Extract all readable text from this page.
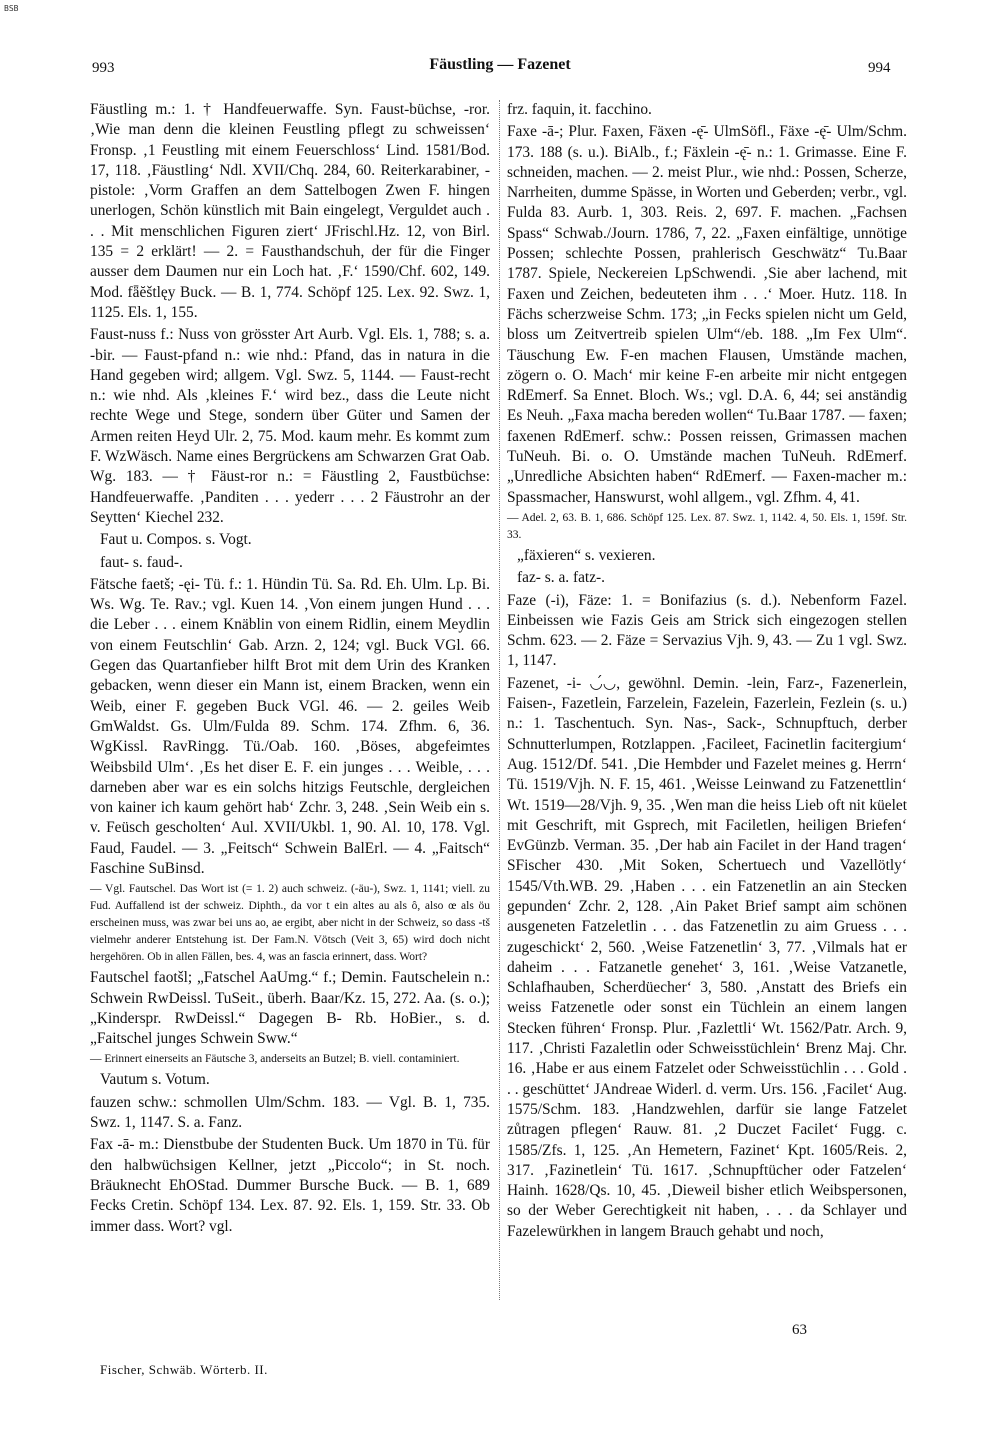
BSB
993	Fäustling — Fazenet	994

Fäustling m.: 1. † Handfeuerwaffe. Syn. Faust-büchse, -ror. ‚Wie man denn die kleinen Feustling pflegt zu schweissen‘ Fronsp. ‚1 Feustling mit einem Feuerschloss‘ Lind. 1581/Bod. 17, 118. ‚Fäustling‘ Ndl. XVII/Chq. 284, 60. Reiterkarabiner, -pistole: ‚Vorm Graffen an dem Sattelbogen Zwen F. hingen unerlogen, Schön künstlich mit Bain eingelegt, Verguldet auch . . . Mit menschlichen Figuren ziert‘ JFrischl.Hz. 12, von Birl. 135 = 2 erklärt! — 2. = Fausthandschuh, der für die Finger ausser dem Daumen nur ein Loch hat. ‚F.‘ 1590/Chf. 602, 149. Mod. fǟĕštlęy Buck. — B. 1, 774. Schöpf 125. Lex. 92. Swz. 1, 1125. Els. 1, 155.

Faust-nuss f.: Nuss von grösster Art Aurb. Vgl. Els. 1, 788; s. a. -bir. — Faust-pfand n.: wie nhd.: Pfand, das in naturа in die Hand gegeben wird; allgem. Vgl. Swz. 5, 1144. — Faust-recht n.: wie nhd. Als ‚kleines F.‘ wird bez., dass die Leute nicht rechte Wege und Stege, sondern über Güter und Samen der Armen reiten Heyd Ulr. 2, 75. Mod. kaum mehr. Es kommt zum F. WzWäsch. Name eines Bergrückens am Schwarzen Grat Oab. Wg. 183. — † Fäust-ror n.: = Fäustling 2, Faustbüchse: Handfeuerwaffe. ‚Panditen . . . yederr . . . 2 Fäustrohr an der Seytten‘ Kiechel 232.

Faut u. Compos. s. Vogt.

faut- s. faud-.

Fätsche faetš; -ęi- Tü. f.: 1. Hündin Tü. Sa. Rd. Eh. Ulm. Lp. Bi. Ws. Wg. Te. Rav.; vgl. Kuen 14. ‚Von einem jungen Hund . . . die Leber . . . einem Knäblin von einem Ridlin, einem Meydlin von einem Feutschlin‘ Gab. Arzn. 2, 124; vgl. Buck VGl. 66. Gegen das Quartanfieber hilft Brot mit dem Urin des Kranken gebacken, wenn dieser ein Mann ist, einem Bracken, wenn ein Weib, einer F. gegeben Buck VGl. 46. — 2. geiles Weib GmWaldst. Gs. Ulm/Fulda 89. Schm. 174. Zfhm. 6, 36. WgKissl. RavRingg. Tü./Oab. 160. ‚Böses, abgefeimtes Weibsbild Ulm‘. ‚Es het diser E. F. ein junges . . . Weible, . . . darneben aber war es ein solchs hitzigs Feutschle, dergleichen von kainer ich kaum gehört hab‘ Zchr. 3, 248. ‚Sein Weib ein s. v. Feüsch gescholten‘ Aul. XVII/Ukbl. 1, 90. Al. 10, 178. Vgl. Faud, Faudel. — 3. „Feitsch“ Schwein BalErl. — 4. „Faitsch“ Faschine SuBinsd.

— Vgl. Fautschel. Das Wort ist (= 1. 2) auch schweiz. (-äu-), Swz. 1, 1141; viell. zu Fud. Auffallend ist der schweiz. Diphth., da vor t ein altes au als ô, also œ als öu erscheinen muss, was zwar bei uns ao, ae ergibt, aber nicht in der Schweiz, so dass -tš vielmehr anderer Entstehung ist. Der Fam.N. Vötsch (Veit 3, 65) wird doch nicht hergehören. Ob in allen Fällen, bes. 4, was an fascia erinnert, dass. Wort?

Fautschel faotšl; „Fatschel AaUmg.“ f.; Demin. Fautschelein n.: Schwein RwDeissl. TuSeit., überh. Baar/Kz. 15, 272. Aa. (s. o.); „Kinderspr. RwDeissl.“ Dagegen B- Rb. HoBier., s. d. „Faitschel junges Schwein Sww.“

— Erinnert einerseits an Fäutsche 3, anderseits an Butzel; B. viell. contaminiert.

Vautum s. Votum.

fauzen schw.: schmollen Ulm/Schm. 183. — Vgl. B. 1, 735. Swz. 1, 1147. S. a. Fanz.

Fax -ā- m.: Dienstbube der Studenten Buck. Um 1870 in Tü. für den halbwüchsigen Kellner, jetzt „Piccolo“; in St. noch. Bräuknecht EhOStad. Dummer Bursche Buck. — B. 1, 689 Fecks Cretin. Schöpf 134. Lex. 87. 92. Els. 1, 159. Str. 33. Ob immer dass. Wort? vgl.

frz. faquin, it. facchino.

Faxe -ā-; Plur. Faxen, Fäxen -ę̄- UlmSöfl., Fäxe -ę̄- Ulm/Schm. 173. 188 (s. u.). BiAlb., f.; Fäxlein -ę̄- n.: 1. Grimasse. Eine F. schneiden, machen. — 2. meist Plur., wie nhd.: Possen, Scherze, Narrheiten, dumme Spässe, in Worten und Geberden; verbr., vgl. Fulda 83. Aurb. 1, 303. Reis. 2, 697. F. machen. „Fachsen Spass“ Schwab./Journ. 1786, 7, 22. „Faxen einfältige, unnötige Possen; schlechte Possen, prahlerisch Geschwätz“ Tu.Baar 1787. Spiele, Neckereien LpSchwendi. ‚Sie aber lachend, mit Faxen und Zeichen, bedeuteten ihm . . .‘ Moer. Hutz. 118. In Fächs scherzweise Schm. 173; „in Fecks spielen nicht um Geld, bloss um Zeitvertreib spielen Ulm“/eb. 188. „Im Fex Ulm“. Täuschung Ew. F-en machen Flausen, Umstände machen, zögern o. O. Mach‘ mir keine F-en arbeite mir nicht entgegen RdEmerf. Sa Ennet. Bloch. Ws.; vgl. D.A. 6, 44; sei anständig Es Neuh. „Faxa macha bereden wollen“ Tu.Baar 1787. — faxen; faxenen RdEmerf. schw.: Possen reissen, Grimassen machen TuNeuh. Bi. o. O. Umstände machen TuNeuh. RdEmerf. „Unredliche Absichten haben“ RdEmerf. — Faxen-macher m.: Spassmacher, Hanswurst, wohl allgem., vgl. Zfhm. 4, 41.

— Adel. 2, 63. B. 1, 686. Schöpf 125. Lex. 87. Swz. 1, 1142. 4, 50. Els. 1, 159f. Str. 33.

„fäxieren“ s. vexieren.

faz- s. a. fatz-.

Faze (-i), Fäze: 1. = Bonifazius (s. d.). Nebenform Fazel. Einbeissen wie Fazis Geis am Strick sich eingezogen stellen Schm. 623. — 2. Fäze = Servazius Vjh. 9, 43. — Zu 1 vgl. Swz. 1, 1147.

Fazenet, -i- ◡́◡, gewöhnl. Demin. -lein, Farz-, Fazenerlein, Faisen-, Fazetlein, Farzelein, Fazelein, Fazerlein, Fezlein (s. u.) n.: 1. Taschentuch. Syn. Nas-, Sack-, Schnupftuch, derber Schnutterlumpen, Rotzlappen. ‚Facileet, Facinetlin facitergium‘ Aug. 1512/Df. 541. ‚Die Hembder und Fazelet meines g. Herrn‘ Tü. 1519/Vjh. N. F. 15, 461. ‚Weisse Leinwand zu Fatzenettlin‘ Wt. 1519—28/Vjh. 9, 35. ‚Wen man die heiss Lieb oft nit küelet mit Geschrift, mit Gsprech, mit Faciletlen, heiligen Briefen‘ EvGünzb. Verman. 35. ‚Der hab ain Facilet in der Hand tragen‘ SFischer 430. ‚Mit Soken, Schertuech und Vazellötly‘ 1545/Vth.WB. 29. ‚Haben . . . ein Fatzenetlin an ain Stecken gepunden‘ Zchr. 2, 128. ‚Ain Paket Brief sampt aim schönen ausgeneten Fatzeletlin . . . das Fatzenetlin zu aim Gruess . . . zugeschickt‘ 2, 560. ‚Weise Fatzenetlin‘ 3, 77. ‚Vilmals hat er daheim . . . Fatzanetle genehet‘ 3, 161. ‚Weise Vatzanetle, Schlafhauben, Scherdüecher‘ 3, 580. ‚Anstatt des Briefs ein weiss Fatzenetle oder sonst ein Tüchlein an einem langen Stecken führen‘ Fronsp. Plur. ‚Fazlettli‘ Wt. 1562/Patr. Arch. 9, 117. ‚Christi Fazaletlin oder Schweisstüchlein‘ Brenz Maj. Chr. 16. ‚Habe er aus einem Fatzelet oder Schweisstüchlin . . . Gold . . . geschüttet‘ JAndreae Widerl. d. verm. Urs. 156. ‚Facilet‘ Aug. 1575/Schm. 183. ‚Handzwehlen, darfür sie lange Fatzelet zůtragen pflegen‘ Rauw. 81. ‚2 Duczet Facilet‘ Fugg. c. 1585/Zfs. 1, 125. ‚An Hemetern, Fazinet‘ Kpt. 1605/Reis. 2, 317. ‚Fazinetlein‘ Tü. 1617. ‚Schnupftücher oder Fatzelen‘ Hainh. 1628/Qs. 10, 45. ‚Dieweil bisher etlich Weibspersonen, so der Weber Gerechtigkeit nit haben, . . . da Schlayer und Fazelewürkhen in langem Brauch gehabt und noch,

63
Fischer, Schwäb. Wörterb. II.
